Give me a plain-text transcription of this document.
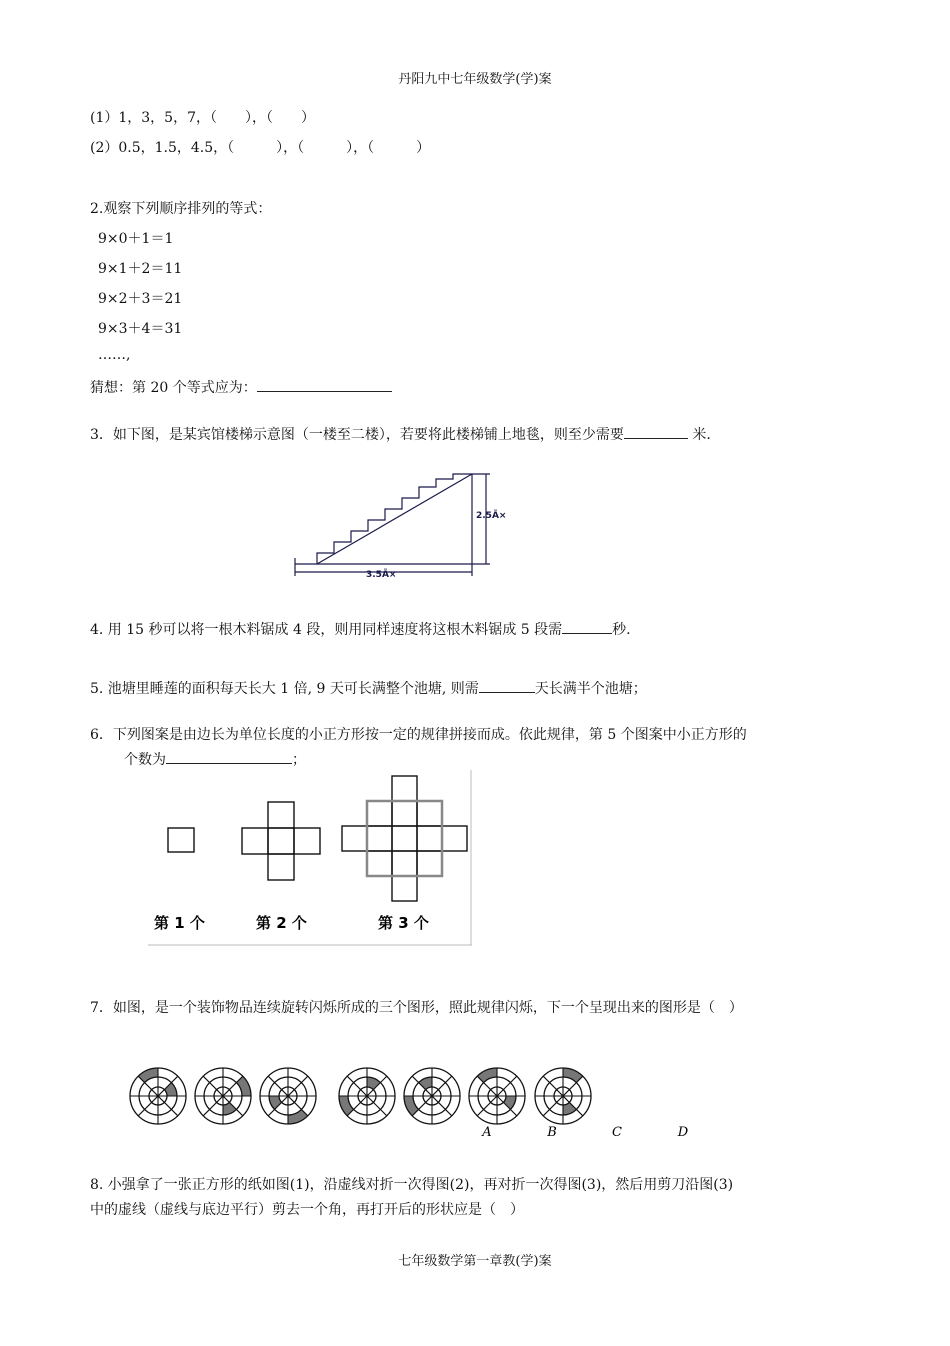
丹阳九中七年级数学(学)案
(1）1，3，5，7，（　　），（　　）
(2）0.5，1.5，4.5，（　　　），（　　　），（　　　）
2.观察下列顺序排列的等式：
9×0＋1＝1
9×1＋2＝11
9×2＋3＝21
9×3＋4＝31
……,
猜想：第 20 个等式应为：
3．如下图，是某宾馆楼梯示意图（一楼至二楼），若要将此楼梯铺上地毯，则至少需要	米.
2.5Ã×
3.5Ã×
4. 用 15 秒可以将一根木料锯成 4 段，则用同样速度将这根木料锯成 5 段需	秒.
5. 池塘里睡莲的面积每天长大 1 倍, 9 天可长满整个池塘, 则需	天长满半个池塘；
6．下列图案是由边长为单位长度的小正方形按一定的规律拼接而成。依此规律，第 5 个图案中小正方形的
个数为	；
第 1 个	第 2 个	第 3 个
7．如图，是一个装饰物品连续旋转闪烁所成的三个图形，照此规律闪烁，下一个呈现出来的图形是（　）
A	B	C	D
8. 小强拿了一张正方形的纸如图(1)，沿虚线对折一次得图(2)，再对折一次得图(3)，然后用剪刀沿图(3)
中的虚线（虚线与底边平行）剪去一个角，再打开后的形状应是（　）
七年级数学第一章教(学)案
